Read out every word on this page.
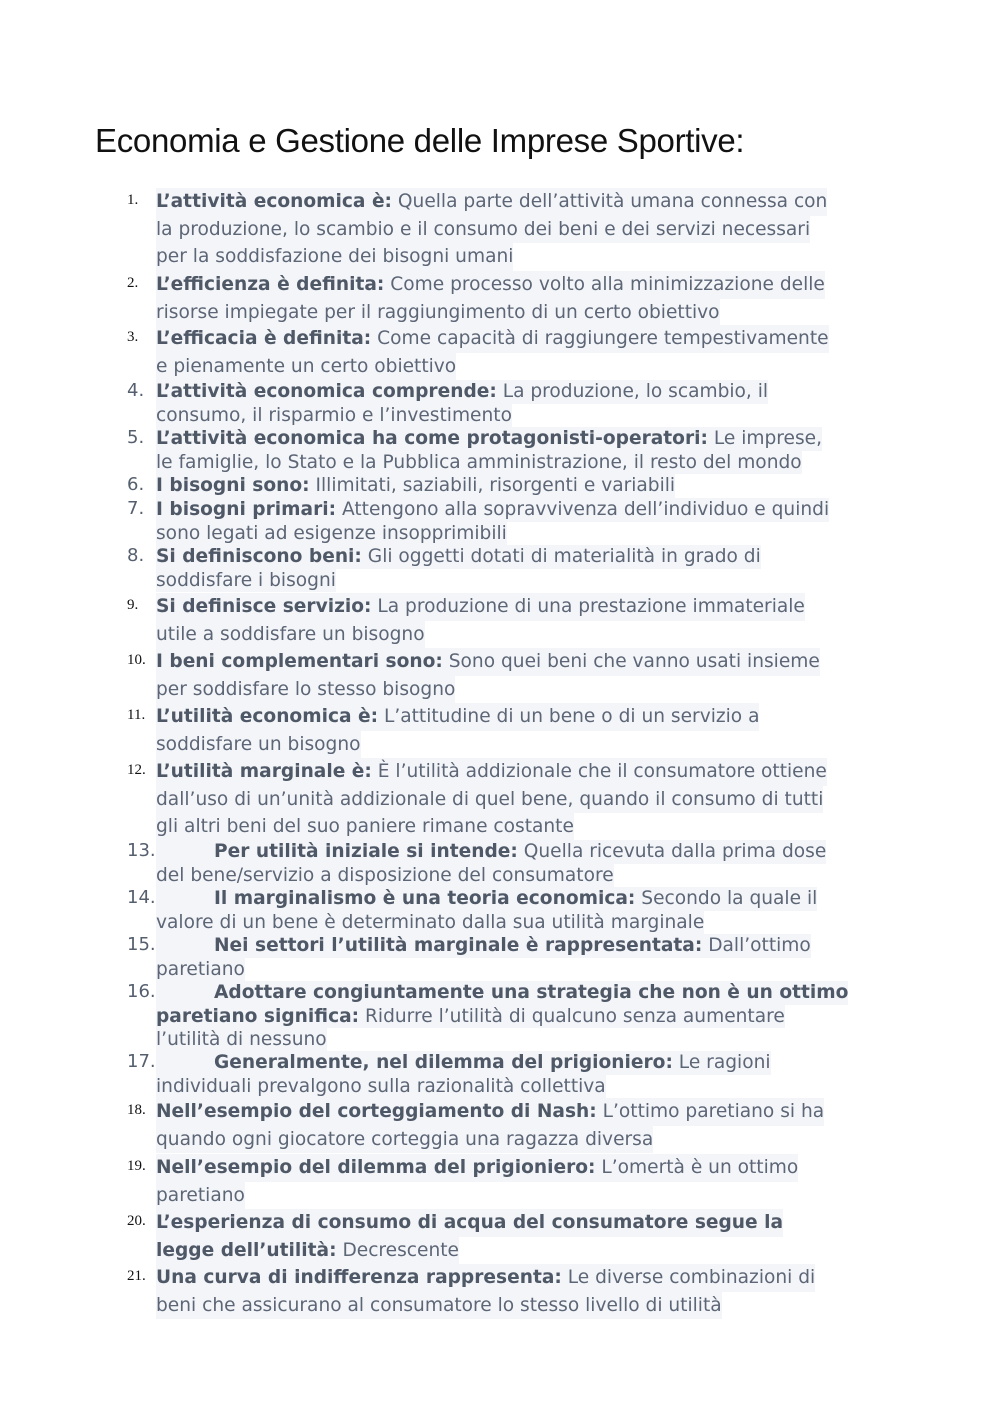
Economia e Gestione delle Imprese Sportive:
1. L’attività economica è: Quella parte dell’attività umana connessa con
la produzione, lo scambio e il consumo dei beni e dei servizi necessari
per la soddisfazione dei bisogni umani
2. L’efficienza è definita: Come processo volto alla minimizzazione delle
risorse impiegate per il raggiungimento di un certo obiettivo
3. L’efficacia è definita: Come capacità di raggiungere tempestivamente
e pienamente un certo obiettivo
4. L’attività economica comprende: La produzione, lo scambio, il
consumo, il risparmio e l’investimento
5. L’attività economica ha come protagonisti-operatori: Le imprese,
le famiglie, lo Stato e la Pubblica amministrazione, il resto del mondo
6. I bisogni sono: Illimitati, saziabili, risorgenti e variabili
7. I bisogni primari: Attengono alla sopravvivenza dell’individuo e quindi
sono legati ad esigenze insopprimibili
8. Si definiscono beni: Gli oggetti dotati di materialità in grado di
soddisfare i bisogni
9. Si definisce servizio: La produzione di una prestazione immateriale
utile a soddisfare un bisogno
10. I beni complementari sono: Sono quei beni che vanno usati insieme
per soddisfare lo stesso bisogno
11. L’utilità economica è: L’attitudine di un bene o di un servizio a
soddisfare un bisogno
12. L’utilità marginale è: È l’utilità addizionale che il consumatore ottiene
dall’uso di un’unità addizionale di quel bene, quando il consumo di tutti
gli altri beni del suo paniere rimane costante
13.	Per utilità iniziale si intende: Quella ricevuta dalla prima dose
del bene/servizio a disposizione del consumatore
14.	Il marginalismo è una teoria economica: Secondo la quale il
valore di un bene è determinato dalla sua utilità marginale
15.	Nei settori l’utilità marginale è rappresentata: Dall’ottimo
paretiano
16.	Adottare congiuntamente una strategia che non è un ottimo
paretiano significa: Ridurre l’utilità di qualcuno senza aumentare
l’utilità di nessuno
17.	Generalmente, nel dilemma del prigioniero: Le ragioni
individuali prevalgono sulla razionalità collettiva
18. Nell’esempio del corteggiamento di Nash: L’ottimo paretiano si ha
quando ogni giocatore corteggia una ragazza diversa
19. Nell’esempio del dilemma del prigioniero: L’omertà è un ottimo
paretiano
20. L’esperienza di consumo di acqua del consumatore segue la
legge dell’utilità: Decrescente
21. Una curva di indifferenza rappresenta: Le diverse combinazioni di
beni che assicurano al consumatore lo stesso livello di utilità
